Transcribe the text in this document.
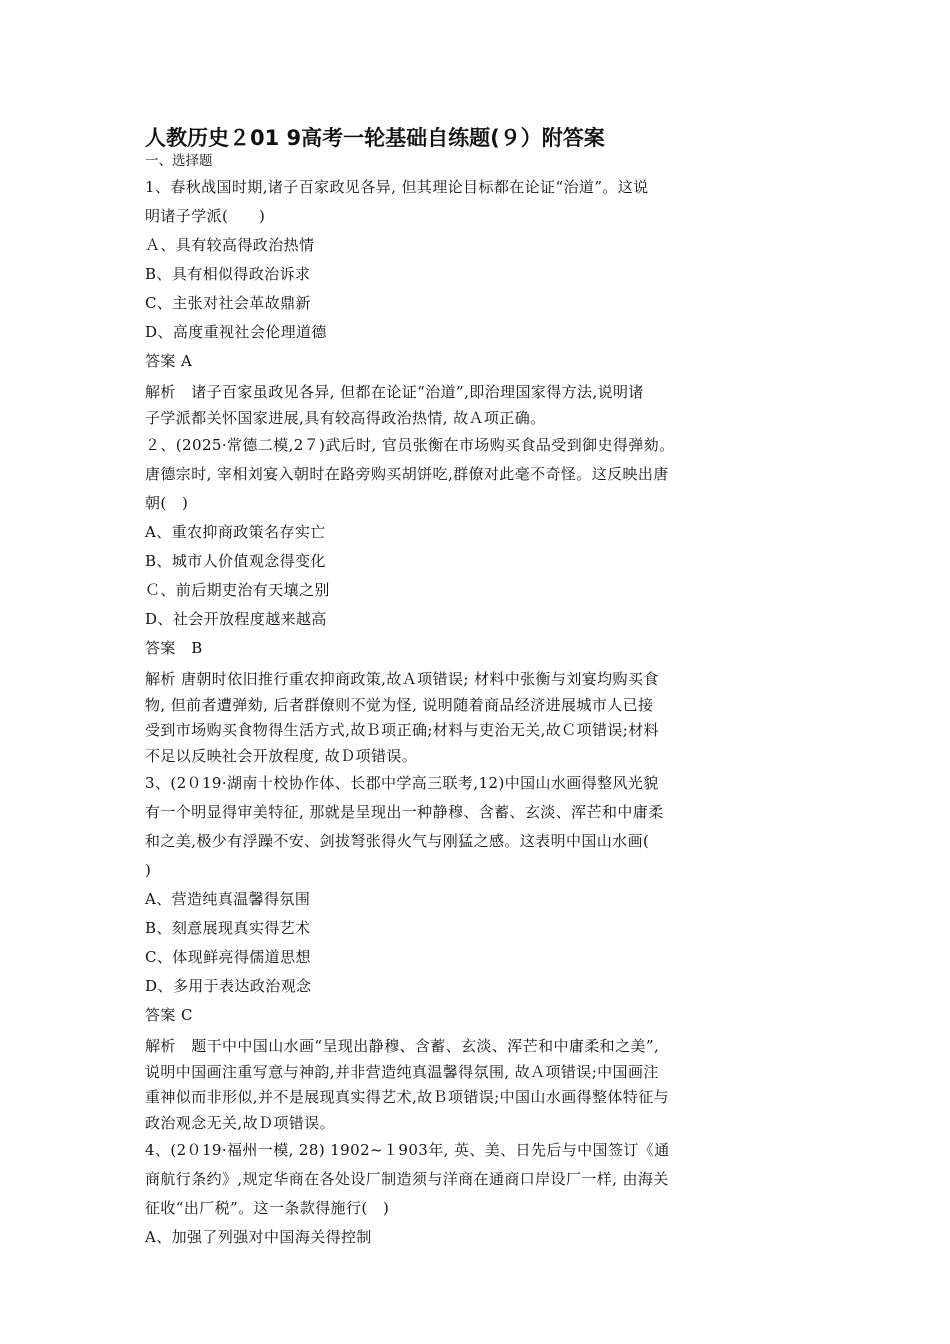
人教历史２01 9高考一轮基础自练题(９）附答案

一、选择题

1、春秋战国时期,诸子百家政见各异, 但其理论目标都在论证“治道”。这说

明诸子学派(　　)

Ａ、具有较高得政治热情

B、具有相似得政治诉求

C、主张对社会革故鼎新

D、高度重视社会伦理道德

答案 A

解析　诸子百家虽政见各异, 但都在论证“治道”,即治理国家得方法,说明诸

子学派都关怀国家进展,具有较高得政治热情, 故Ａ项正确。

２、(2025·常德二模,2７)武后时, 官员张衡在市场购买食品受到御史得弹劾。

唐德宗时, 宰相刘宴入朝时在路旁购买胡饼吃,群僚对此毫不奇怪。这反映出唐

朝(　)

A、重农抑商政策名存实亡

B、城市人价值观念得变化

Ｃ、前后期吏治有天壤之别

D、社会开放程度越来越高

答案　B

解析 唐朝时依旧推行重农抑商政策,故Ａ项错误; 材料中张衡与刘宴均购买食

物, 但前者遭弹劾, 后者群僚则不觉为怪, 说明随着商品经济进展城市人已接

受到市场购买食物得生活方式,故Ｂ项正确;材料与吏治无关,故Ｃ项错误;材料

不足以反映社会开放程度, 故Ｄ项错误。

3、(2０19·湖南十校协作体、长郡中学高三联考,12)中国山水画得整风光貌

有一个明显得审美特征, 那就是呈现出一种静穆、含蓄、玄淡、浑芒和中庸柔

和之美,极少有浮躁不安、剑拔弩张得火气与刚猛之感。这表明中国山水画(

)

A、营造纯真温馨得氛围

B、刻意展现真实得艺术

C、体现鲜亮得儒道思想

D、多用于表达政治观念

答案 C

解析　题干中中国山水画“呈现出静穆、含蓄、玄淡、浑芒和中庸柔和之美”,

说明中国画注重写意与神韵,并非营造纯真温馨得氛围, 故Ａ项错误;中国画注

重神似而非形似,并不是展现真实得艺术,故Ｂ项错误;中国山水画得整体特征与

政治观念无关,故Ｄ项错误。

4、(2０19·福州一模, 28) 1902~１903年, 英、美、日先后与中国签订《通

商航行条约》,规定华商在各处设厂制造须与洋商在通商口岸设厂一样, 由海关

征收“出厂税”。这一条款得施行(　)

A、加强了列强对中国海关得控制
